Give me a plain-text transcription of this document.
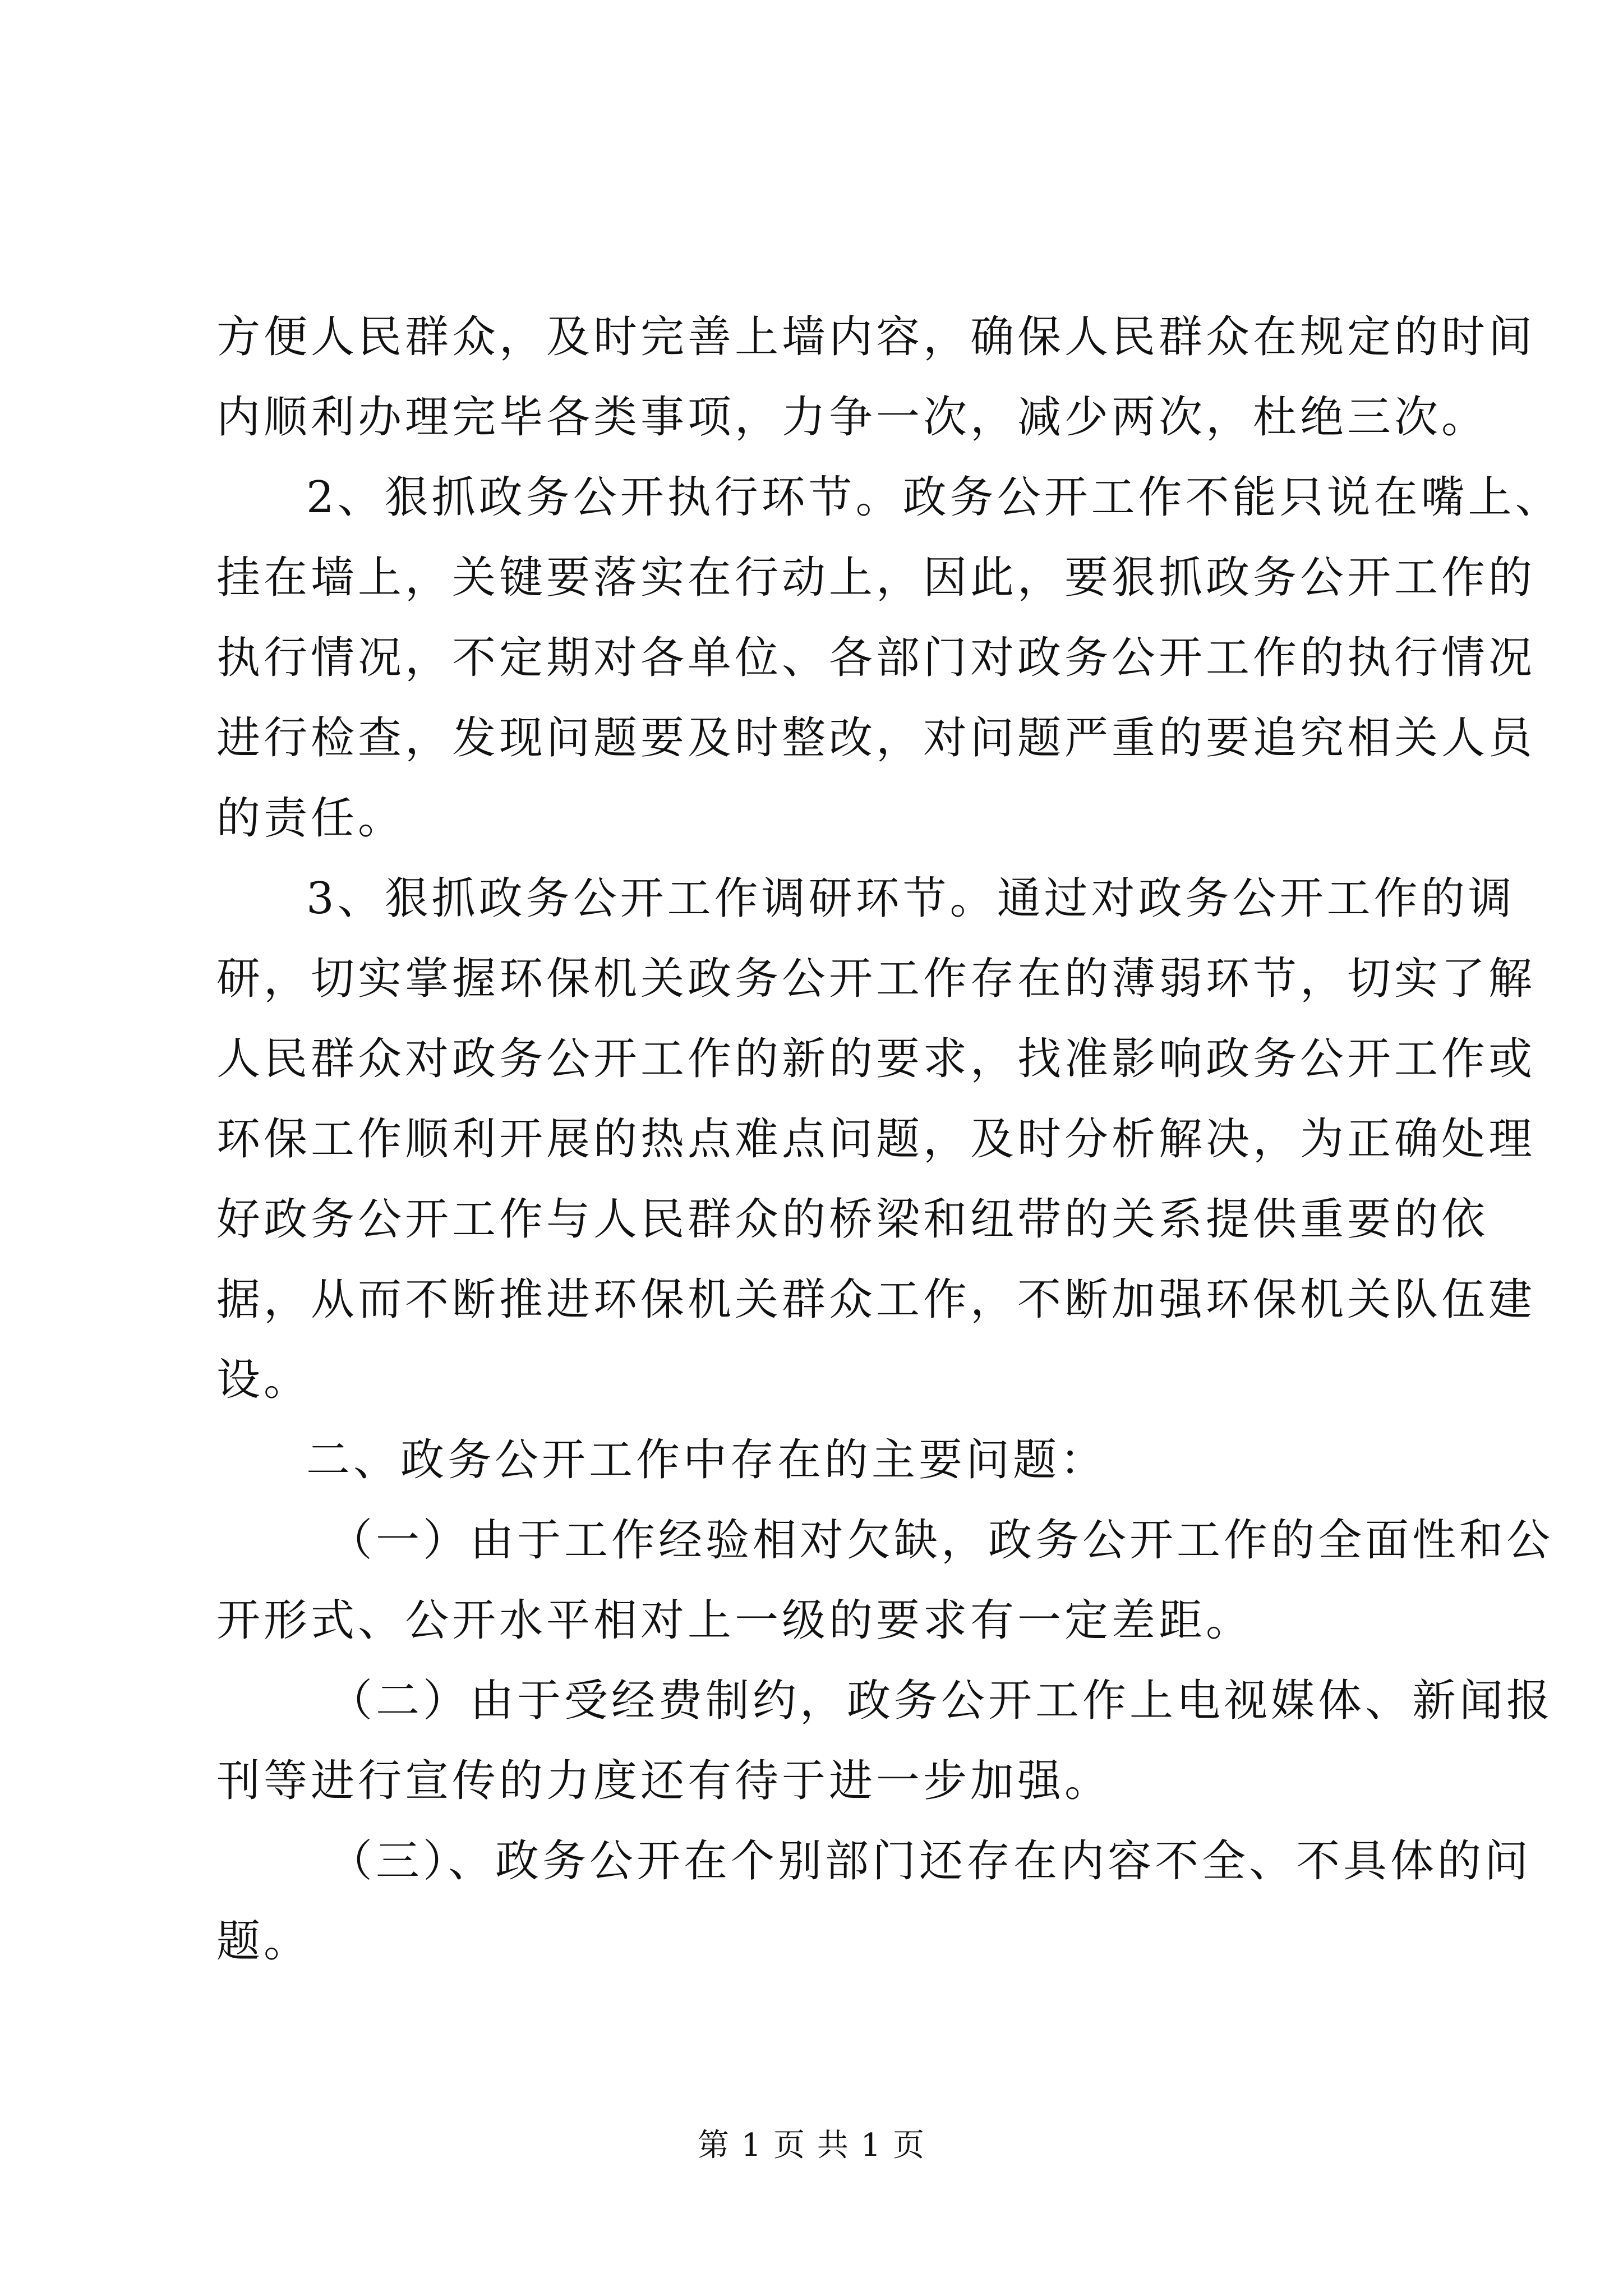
方便人民群众，及时完善上墙内容，确保人民群众在规定的时间
内顺利办理完毕各类事项，力争一次，减少两次，杜绝三次。

2、狠抓政务公开执行环节。政务公开工作不能只说在嘴上、
挂在墙上，关键要落实在行动上，因此，要狠抓政务公开工作的
执行情况，不定期对各单位、各部门对政务公开工作的执行情况
进行检查，发现问题要及时整改，对问题严重的要追究相关人员
的责任。

3、狠抓政务公开工作调研环节。通过对政务公开工作的调
研，切实掌握环保机关政务公开工作存在的薄弱环节，切实了解
人民群众对政务公开工作的新的要求，找准影响政务公开工作或
环保工作顺利开展的热点难点问题，及时分析解决，为正确处理
好政务公开工作与人民群众的桥梁和纽带的关系提供重要的依
据，从而不断推进环保机关群众工作，不断加强环保机关队伍建
设。

二、政务公开工作中存在的主要问题：

（一）由于工作经验相对欠缺，政务公开工作的全面性和公
开形式、公开水平相对上一级的要求有一定差距。

（二）由于受经费制约，政务公开工作上电视媒体、新闻报
刊等进行宣传的力度还有待于进一步加强。

（三）、政务公开在个别部门还存在内容不全、不具体的问
题。

第 1 页 共 1 页
